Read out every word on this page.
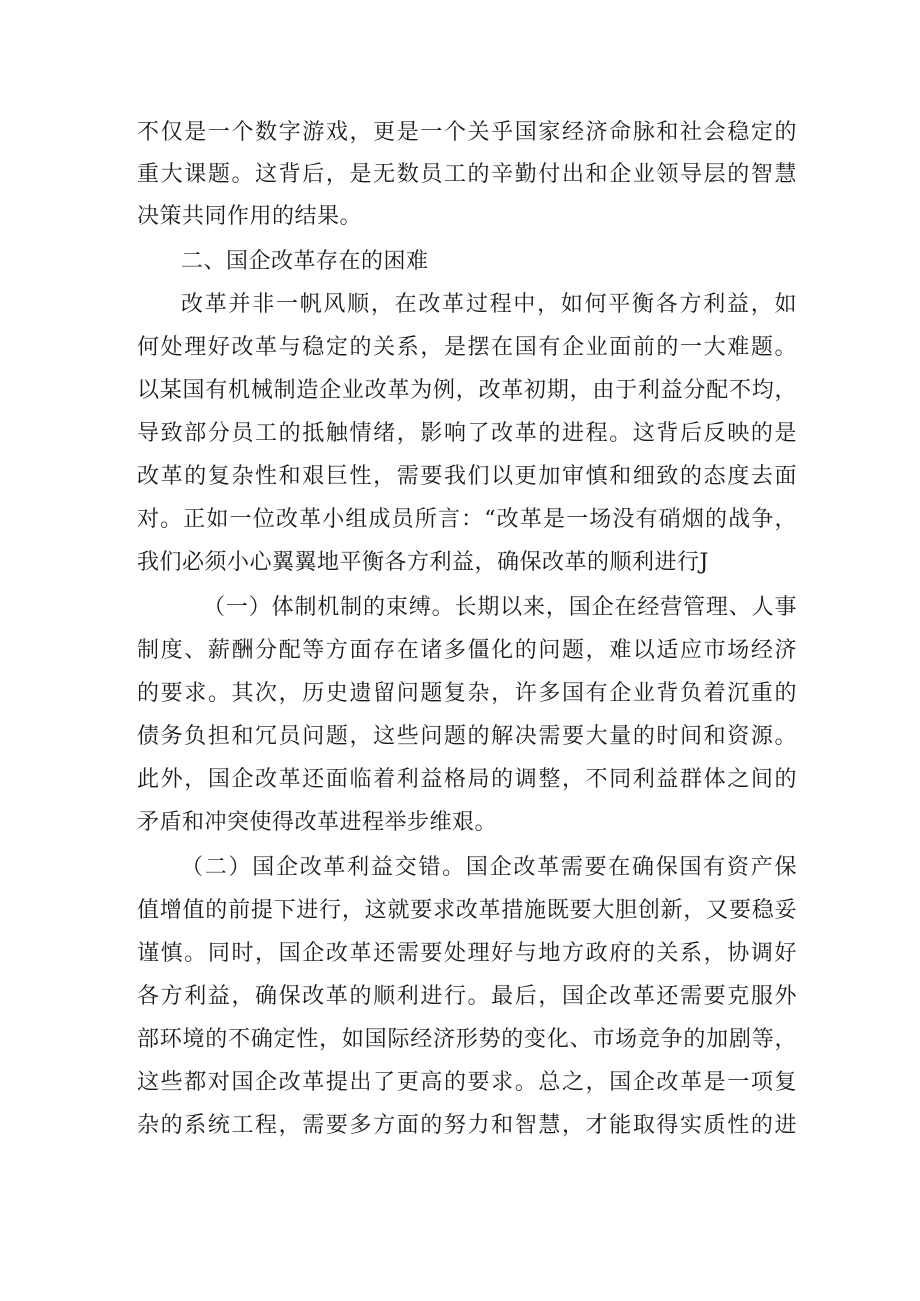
不仅是一个数字游戏，更是一个关乎国家经济命脉和社会稳定的
重大课题。这背后，是无数员工的辛勤付出和企业领导层的智慧
决策共同作用的结果。
二、国企改革存在的困难
改革并非一帆风顺，在改革过程中，如何平衡各方利益，如
何处理好改革与稳定的关系，是摆在国有企业面前的一大难题。
以某国有机械制造企业改革为例，改革初期，由于利益分配不均，
导致部分员工的抵触情绪，影响了改革的进程。这背后反映的是
改革的复杂性和艰巨性，需要我们以更加审慎和细致的态度去面
对。正如一位改革小组成员所言：“改革是一场没有硝烟的战争，
我们必须小心翼翼地平衡各方利益，确保改革的顺利进行J
（一）体制机制的束缚。长期以来，国企在经营管理、人事
制度、薪酬分配等方面存在诸多僵化的问题，难以适应市场经济
的要求。其次，历史遗留问题复杂，许多国有企业背负着沉重的
债务负担和冗员问题，这些问题的解决需要大量的时间和资源。
此外，国企改革还面临着利益格局的调整，不同利益群体之间的
矛盾和冲突使得改革进程举步维艰。
（二）国企改革利益交错。国企改革需要在确保国有资产保
值增值的前提下进行，这就要求改革措施既要大胆创新，又要稳妥
谨慎。同时，国企改革还需要处理好与地方政府的关系，协调好
各方利益，确保改革的顺利进行。最后，国企改革还需要克服外
部环境的不确定性，如国际经济形势的变化、市场竞争的加剧等，
这些都对国企改革提出了更高的要求。总之，国企改革是一项复
杂的系统工程，需要多方面的努力和智慧，才能取得实质性的进
